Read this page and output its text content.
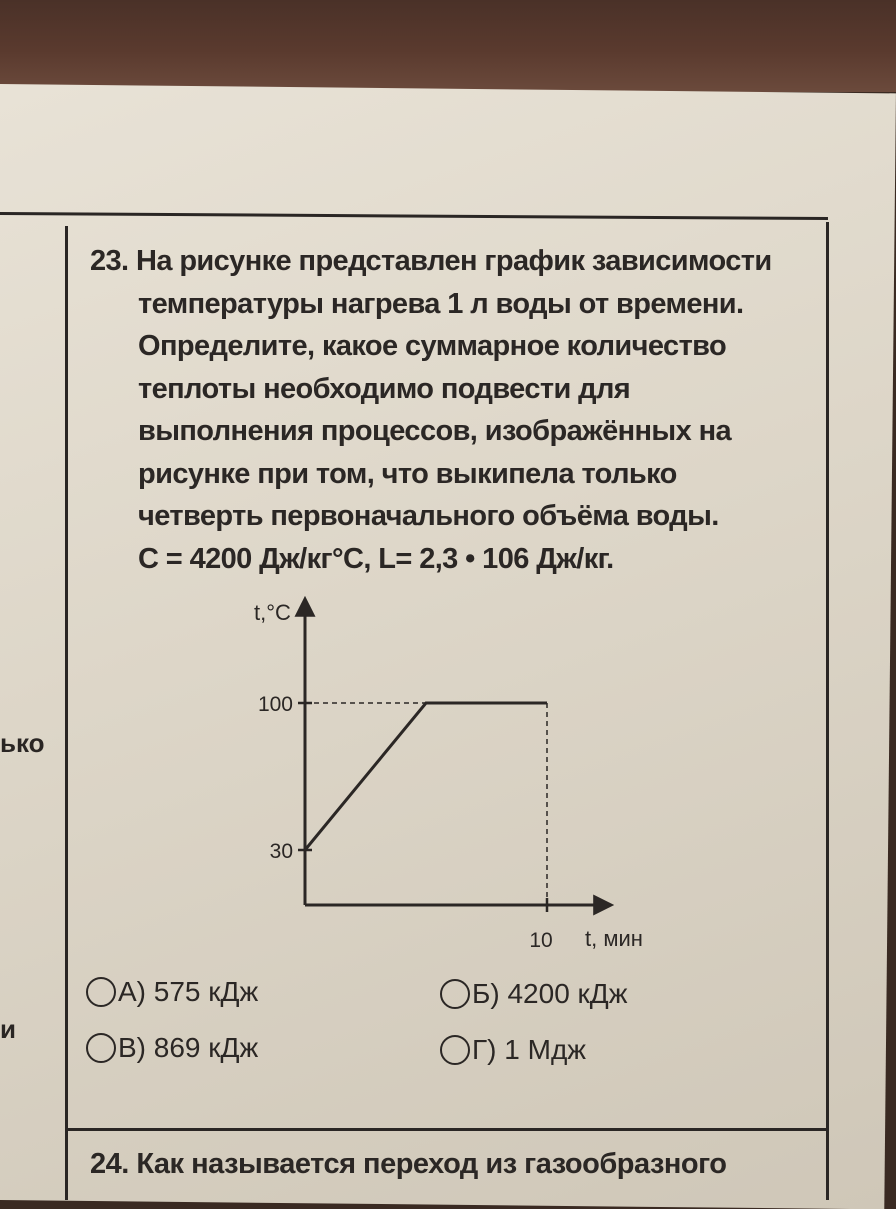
ько
и
23. На рисунке представлен график зависимости
температуры нагрева 1 л воды от времени.
Определите, какое суммарное количество
теплоты необходимо подвести для
выполнения процессов, изображённых на
рисунке при том, что выкипела только
четверть первоначального объёма воды.
C = 4200 Дж/кг°С, L= 2,3 • 106 Дж/кг.
t,°С
t, мин
100
30
10
А) 575 кДж	Б) 4200 кДж
В) 869 кДж	Г) 1 Мдж
24. Как называется переход из газообразного
